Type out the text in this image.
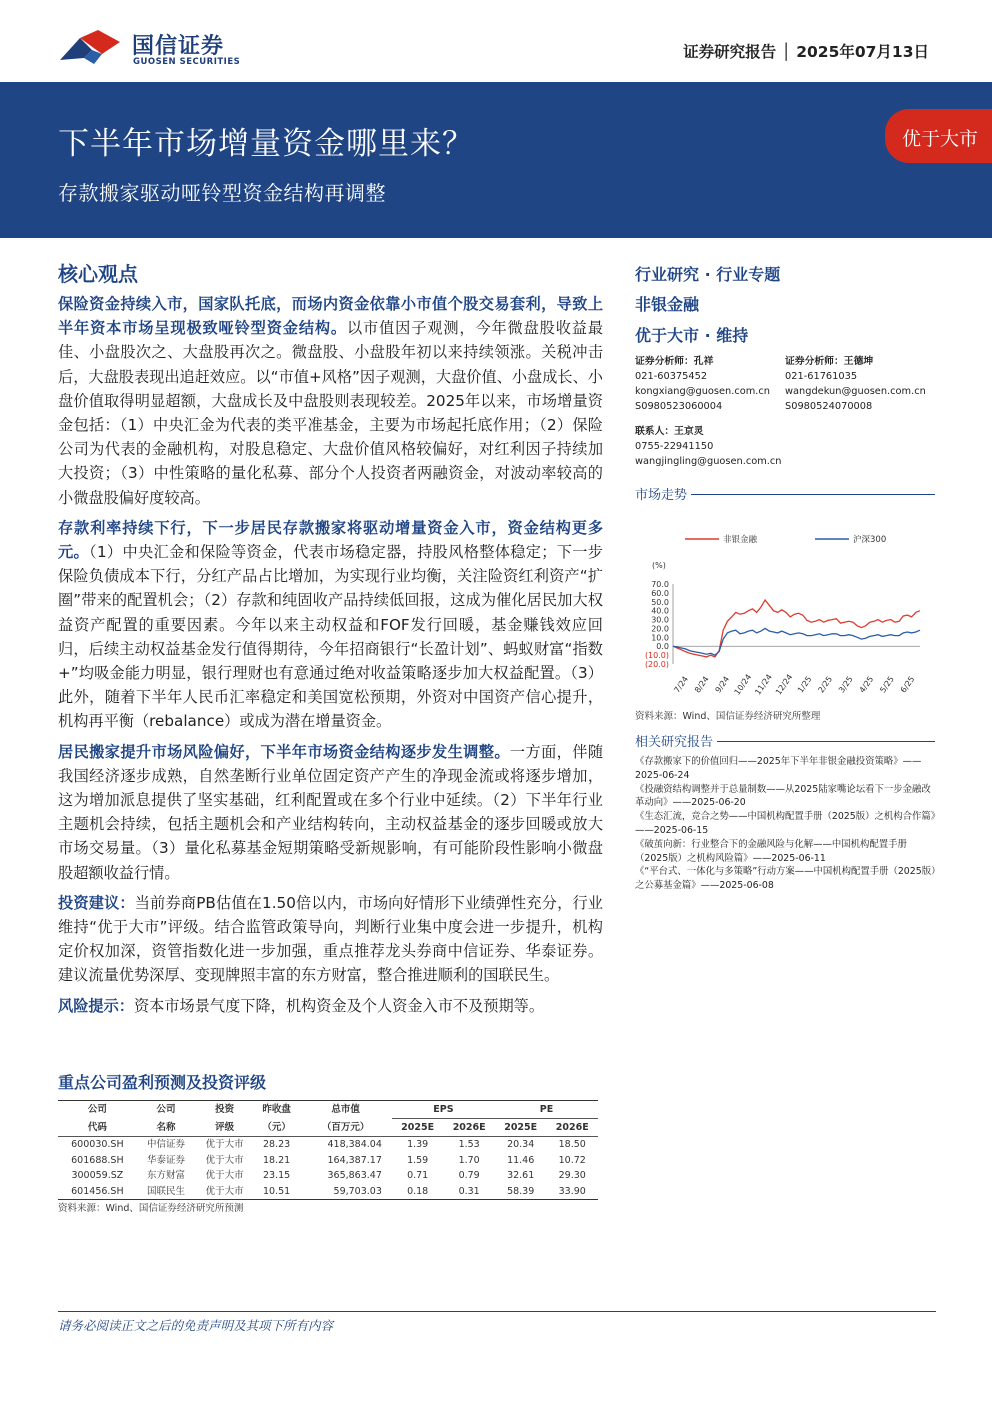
国信证券
GUOSEN SECURITIES
证券研究报告 │ 2025年07月13日
下半年市场增量资金哪里来？
存款搬家驱动哑铃型资金结构再调整
优于大市
核心观点

保险资金持续入市，国家队托底，而场内资金依靠小市值个股交易套利，导致上半年资本市场呈现极致哑铃型资金结构。以市值因子观测，今年微盘股收益最佳、小盘股次之、大盘股再次之。微盘股、小盘股年初以来持续领涨。关税冲击后，大盘股表现出追赶效应。以“市值+风格”因子观测，大盘价值、小盘成长、小盘价值取得明显超额，大盘成长及中盘股则表现较差。2025年以来，市场增量资金包括：（1）中央汇金为代表的类平准基金，主要为市场起托底作用；（2）保险公司为代表的金融机构，对股息稳定、大盘价值风格较偏好，对红利因子持续加大投资；（3）中性策略的量化私募、部分个人投资者两融资金，对波动率较高的小微盘股偏好度较高。

存款利率持续下行，下一步居民存款搬家将驱动增量资金入市，资金结构更多元。（1）中央汇金和保险等资金，代表市场稳定器，持股风格整体稳定；下一步保险负债成本下行，分红产品占比增加，为实现行业均衡，关注险资红利资产“扩圈”带来的配置机会；（2）存款和纯固收产品持续低回报，这成为催化居民加大权益资产配置的重要因素。今年以来主动权益和FOF发行回暖，基金赚钱效应回归，后续主动权益基金发行值得期待，今年招商银行“长盈计划”、蚂蚁财富“指数+”均吸金能力明显，银行理财也有意通过绝对收益策略逐步加大权益配置。（3）此外，随着下半年人民币汇率稳定和美国宽松预期，外资对中国资产信心提升，机构再平衡（rebalance）或成为潜在增量资金。

居民搬家提升市场风险偏好，下半年市场资金结构逐步发生调整。一方面，伴随我国经济逐步成熟，自然垄断行业单位固定资产产生的净现金流或将逐步增加，这为增加派息提供了坚实基础，红利配置或在多个行业中延续。（2）下半年行业主题机会持续，包括主题机会和产业结构转向，主动权益基金的逐步回暖或放大市场交易量。（3）量化私募基金短期策略受新规影响，有可能阶段性影响小微盘股超额收益行情。

投资建议：当前券商PB估值在1.50倍以内，市场向好情形下业绩弹性充分，行业维持“优于大市”评级。结合监管政策导向，判断行业集中度会进一步提升，机构定价权加深，资管指数化进一步加强，重点推荐龙头券商中信证券、华泰证券。建议流量优势深厚、变现牌照丰富的东方财富，整合推进顺利的国联民生。

风险提示：资本市场景气度下降，机构资金及个人资金入市不及预期等。

重点公司盈利预测及投资评级
公司	公司	投资	昨收盘	总市值	EPS		PE	
代码	名称	评级	（元）	（百万元）	2025E	2026E	2025E	2026E
600030.SH	中信证券	优于大市	28.23	418,384.04	1.39	1.53	20.34	18.50
601688.SH	华泰证券	优于大市	18.21	164,387.17	1.59	1.70	11.46	10.72
300059.SZ	东方财富	优于大市	23.15	365,863.47	0.71	0.79	32.61	29.30
601456.SH	国联民生	优于大市	10.51	59,703.03	0.18	0.31	58.39	33.90
资料来源：Wind、国信证券经济研究所预测
行业研究 · 行业专题
非银金融
优于大市 · 维持
证券分析师：孔祥
021-60375452
kongxiang@guosen.com.cn
S0980523060004
证券分析师：王德坤
021-61761035
wangdekun@guosen.com.cn
S0980524070008
联系人：王京灵
0755-22941150
wangjingling@guosen.com.cn
市场走势
非银金融	沪深300
(%)
70.0
60.0
50.0
40.0
30.0
20.0
10.0
0.0
(10.0)
(20.0)
7/24 8/24 9/24 10/24 11/24 12/24 1/25 2/25 3/25 4/25 5/25 6/25
资料来源：Wind、国信证券经济研究所整理
相关研究报告
《存款搬家下的价值回归——2025年下半年非银金融投资策略》——2025-06-24
《投融资结构调整并于总量制数——从2025陆家嘴论坛看下一步金融改革动向》——2025-06-20
《生态汇流，竞合之势——中国机构配置手册（2025版）之机构合作篇》——2025-06-15
《破茧向新：行业整合下的金融风险与化解——中国机构配置手册（2025版）之机构风险篇》——2025-06-11
《“平台式、一体化与多策略”行动方案——中国机构配置手册（2025版）之公募基金篇》——2025-06-08
请务必阅读正文之后的免责声明及其项下所有内容
